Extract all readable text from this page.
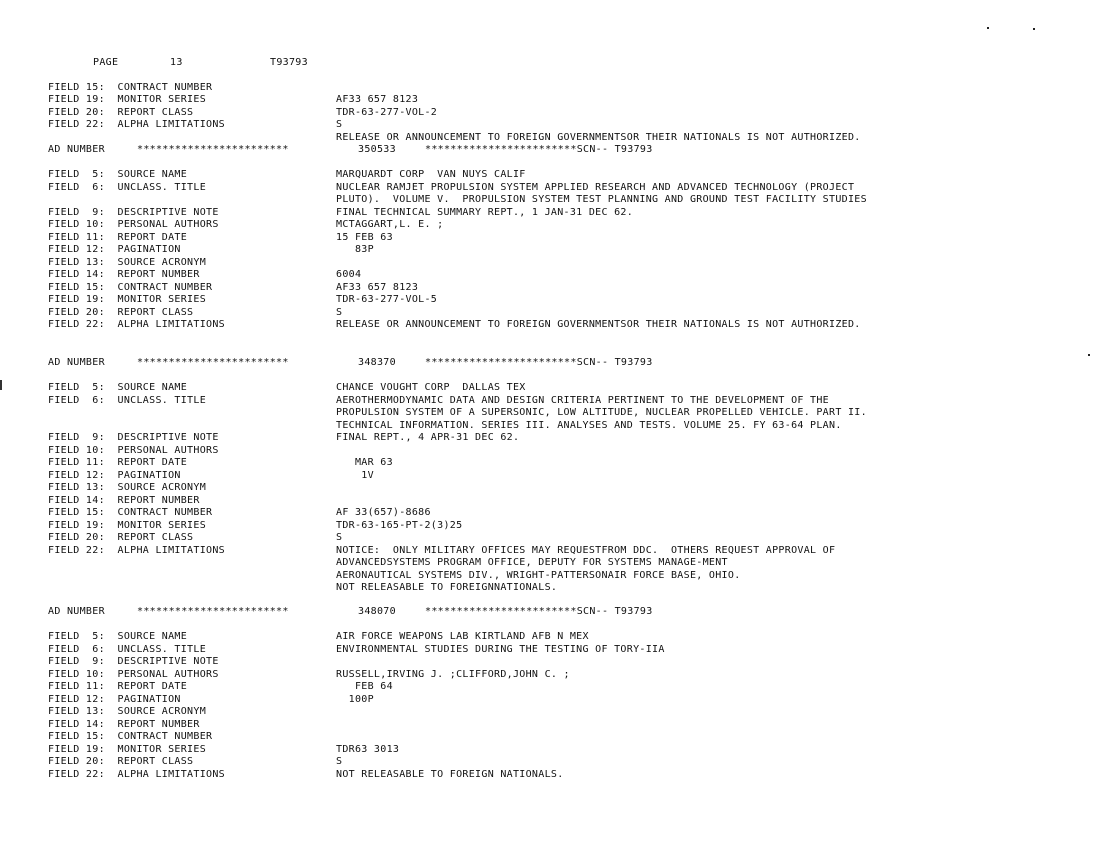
PAGE	13	T93793

FIELD 15:  CONTRACT NUMBER

AF33 657 8123

FIELD 19:  MONITOR SERIES

TDR-63-277-VOL-2

FIELD 20:  REPORT CLASS

S

FIELD 22:  ALPHA LIMITATIONS

RELEASE OR ANNOUNCEMENT TO FOREIGN GOVERNMENTSOR THEIR NATIONALS IS NOT AUTHORIZED.

AD NUMBER	************************	350533	************************SCN-- T93793
FIELD  5:  SOURCE NAME	MARQUARDT CORP  VAN NUYS CALIF
FIELD  6:  UNCLASS. TITLE	NUCLEAR RAMJET PROPULSION SYSTEM APPLIED RESEARCH AND ADVANCED TECHNOLOGY (PROJECT
PLUTO).  VOLUME V.  PROPULSION SYSTEM TEST PLANNING AND GROUND TEST FACILITY STUDIES
FIELD  9:  DESCRIPTIVE NOTE	FINAL TECHNICAL SUMMARY REPT., 1 JAN-31 DEC 62.
FIELD 10:  PERSONAL AUTHORS	MCTAGGART,L. E. ;
FIELD 11:  REPORT DATE	15 FEB 63
FIELD 12:  PAGINATION	83P
FIELD 13:  SOURCE ACRONYM
FIELD 14:  REPORT NUMBER	6004
FIELD 15:  CONTRACT NUMBER	AF33 657 8123
FIELD 19:  MONITOR SERIES	TDR-63-277-VOL-5
FIELD 20:  REPORT CLASS	S
FIELD 22:  ALPHA LIMITATIONS	RELEASE OR ANNOUNCEMENT TO FOREIGN GOVERNMENTSOR THEIR NATIONALS IS NOT AUTHORIZED.
AD NUMBER	************************	348370	************************SCN-- T93793
FIELD  5:  SOURCE NAME	CHANCE VOUGHT CORP  DALLAS TEX
FIELD  6:  UNCLASS. TITLE	AEROTHERMODYNAMIC DATA AND DESIGN CRITERIA PERTINENT TO THE DEVELOPMENT OF THE
PROPULSION SYSTEM OF A SUPERSONIC, LOW ALTITUDE, NUCLEAR PROPELLED VEHICLE. PART II.
TECHNICAL INFORMATION. SERIES III. ANALYSES AND TESTS. VOLUME 25. FY 63-64 PLAN.
FIELD  9:  DESCRIPTIVE NOTE	FINAL REPT., 4 APR-31 DEC 62.
FIELD 10:  PERSONAL AUTHORS
FIELD 11:  REPORT DATE	MAR 63
FIELD 12:  PAGINATION	1V
FIELD 13:  SOURCE ACRONYM
FIELD 14:  REPORT NUMBER
FIELD 15:  CONTRACT NUMBER	AF 33(657)-8686
FIELD 19:  MONITOR SERIES	TDR-63-165-PT-2(3)25
FIELD 20:  REPORT CLASS	S
FIELD 22:  ALPHA LIMITATIONS	NOTICE:  ONLY MILITARY OFFICES MAY REQUESTFROM DDC.  OTHERS REQUEST APPROVAL OF
ADVANCEDSYSTEMS PROGRAM OFFICE, DEPUTY FOR SYSTEMS MANAGE-MENT
AERONAUTICAL SYSTEMS DIV., WRIGHT-PATTERSONAIR FORCE BASE, OHIO.
NOT RELEASABLE TO FOREIGNNATIONALS.
AD NUMBER	************************	348070	************************SCN-- T93793
FIELD  5:  SOURCE NAME	AIR FORCE WEAPONS LAB KIRTLAND AFB N MEX
FIELD  6:  UNCLASS. TITLE	ENVIRONMENTAL STUDIES DURING THE TESTING OF TORY-IIA
FIELD  9:  DESCRIPTIVE NOTE
FIELD 10:  PERSONAL AUTHORS	RUSSELL,IRVING J. ;CLIFFORD,JOHN C. ;
FIELD 11:  REPORT DATE	FEB 64
FIELD 12:  PAGINATION	100P
FIELD 13:  SOURCE ACRONYM
FIELD 14:  REPORT NUMBER
FIELD 15:  CONTRACT NUMBER
FIELD 19:  MONITOR SERIES	TDR63 3013
FIELD 20:  REPORT CLASS	S
FIELD 22:  ALPHA LIMITATIONS	NOT RELEASABLE TO FOREIGN NATIONALS.
